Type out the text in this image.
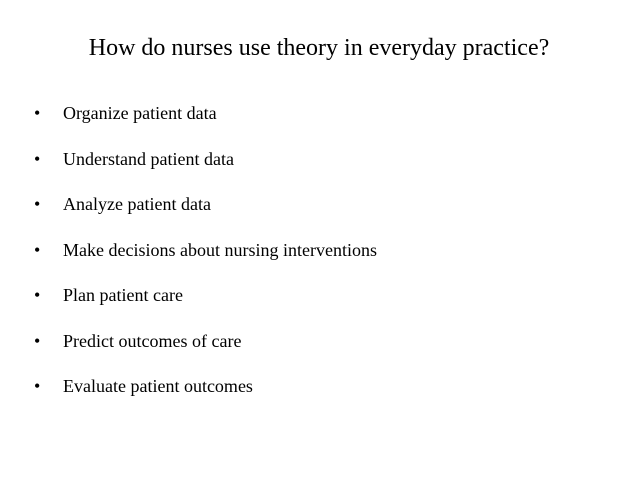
How do nurses use theory in everyday practice?
•	Organize patient data
•	Understand patient data
•	Analyze patient data
•	Make decisions about nursing interventions
•	Plan patient care
•	Predict outcomes of care
•	Evaluate patient outcomes
